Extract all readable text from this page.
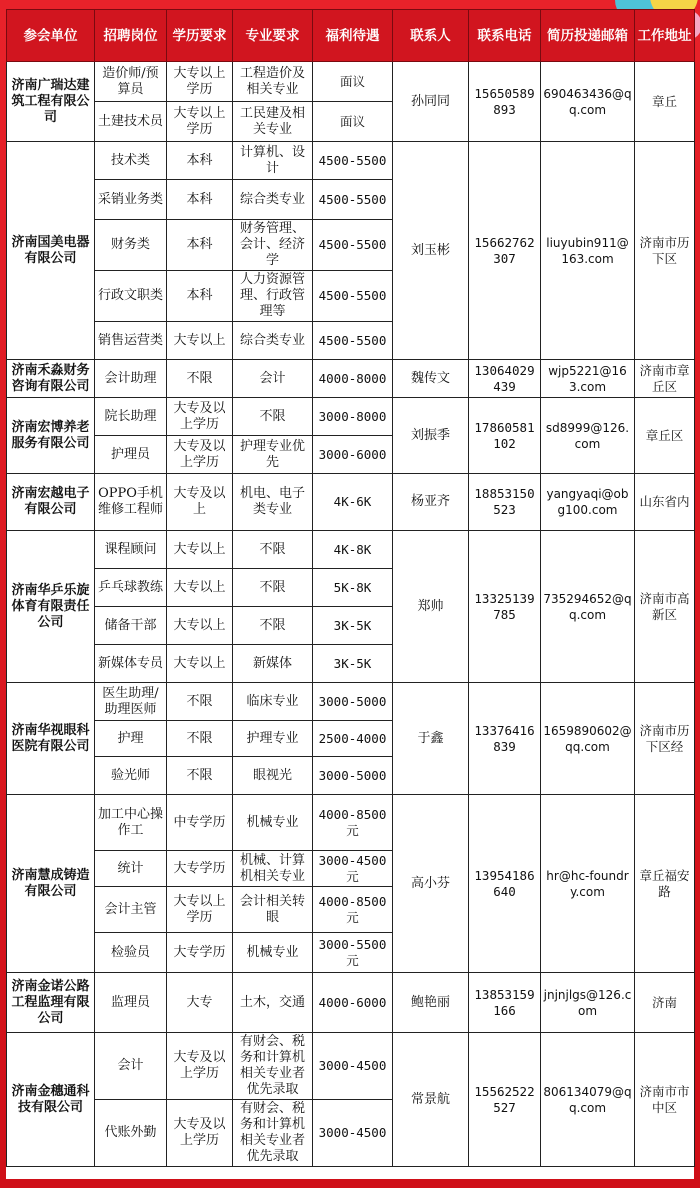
参会单位	招聘岗位	学历要求	专业要求	福利待遇	联系人	联系电话	简历投递邮箱	工作地址
济南广瑞达建筑工程有限公司	造价师/预算员	大专以上学历	工程造价及相关专业	面议	孙同同	15650589893	690463436@qq.com	章丘
	土建技术员	大专以上学历	工民建及相关专业	面议				
济南国美电器有限公司	技术类	本科	计算机、设计	4500-5500	刘玉彬	15662762307	liuyubin911@163.com	济南市历下区
	采销业务类	本科	综合类专业	4500-5500				
	财务类	本科	财务管理、会计、经济学	4500-5500				
	行政文职类	本科	人力资源管理、行政管理等	4500-5500				
	销售运营类	大专以上	综合类专业	4500-5500				
济南禾淼财务咨询有限公司	会计助理	不限	会计	4000-8000	魏传文	13064029439	wjp5221@163.com	济南市章丘区
济南宏博养老服务有限公司	院长助理	大专及以上学历	不限	3000-8000	刘振季	17860581102	sd8999@126.com	章丘区
	护理员	大专及以上学历	护理专业优先	3000-6000				
济南宏越电子有限公司	OPPO手机维修工程师	大专及以上	机电、电子类专业	4K-6K	杨亚齐	18853150523	yangyaqi@obg100.com	山东省内
济南华乒乐旋体育有限责任公司	课程顾问	大专以上	不限	4K-8K	郑帅	13325139785	735294652@qq.com	济南市高新区
	乒乓球教练	大专以上	不限	5K-8K				
	储备干部	大专以上	不限	3K-5K				
	新媒体专员	大专以上	新媒体	3K-5K				
济南华视眼科医院有限公司	医生助理/助理医师	不限	临床专业	3000-5000	于鑫	13376416839	1659890602@qq.com	济南市历下区经
	护理	不限	护理专业	2500-4000				
	验光师	不限	眼视光	3000-5000				
济南慧成铸造有限公司	加工中心操作工	中专学历	机械专业	4000-8500元	高小芬	13954186640	hr@hc-foundry.com	章丘福安路
	统计	大专学历	机械、计算机相关专业	3000-4500元				
	会计主管	大专以上学历	会计相关转眼	4000-8500元				
	检验员	大专学历	机械专业	3000-5500元				
济南金诺公路工程监理有限公司	监理员	大专	土木，交通	4000-6000	鲍艳丽	13853159166	jnjnjlgs@126.com	济南
济南金穗通科技有限公司	会计	大专及以上学历	有财会、税务和计算机相关专业者优先录取	3000-4500	常景航	15562522527	806134079@qq.com	济南市市中区
	代账外勤	大专及以上学历	有财会、税务和计算机相关专业者优先录取	3000-4500				
